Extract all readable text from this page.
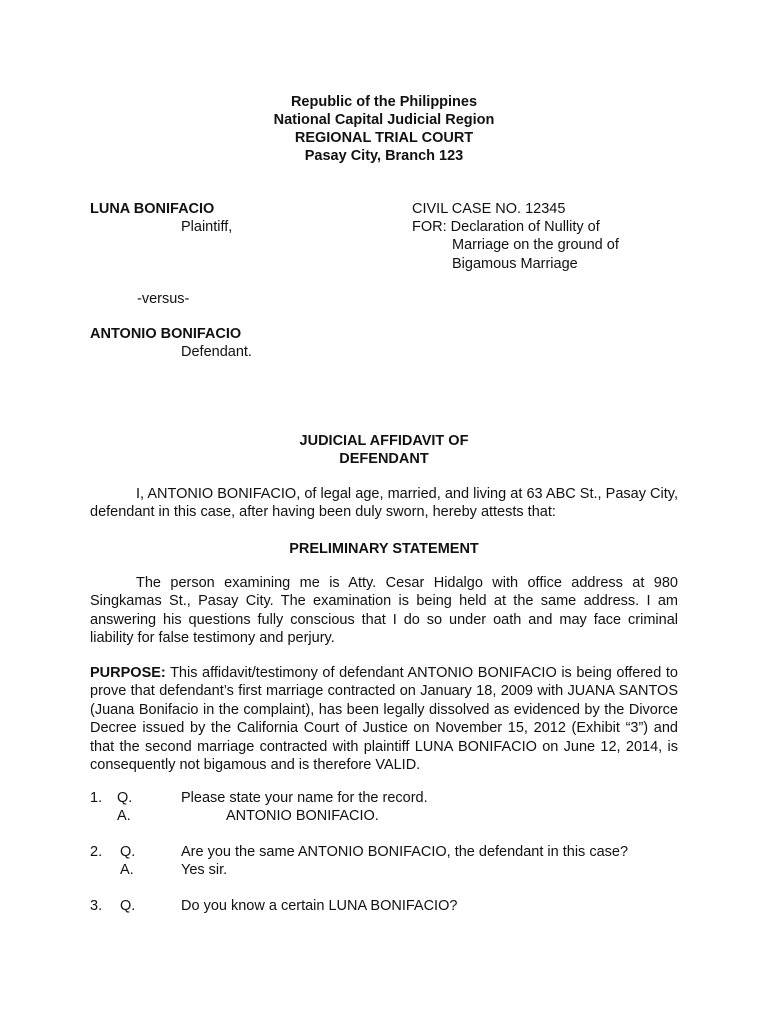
Republic of the Philippines
National Capital Judicial Region
REGIONAL TRIAL COURT
Pasay City, Branch 123
LUNA BONIFACIO
Plaintiff,
-versus-
ANTONIO BONIFACIO
Defendant.
CIVIL CASE NO. 12345
FOR: Declaration of Nullity of
Marriage on the ground of
Bigamous Marriage
JUDICIAL AFFIDAVIT OF
DEFENDANT
I, ANTONIO BONIFACIO, of legal age, married, and living at 63 ABC St., Pasay City, defendant in this case, after having been duly sworn, hereby attests that:
PRELIMINARY STATEMENT
The person examining me is Atty. Cesar Hidalgo with office address at 980 Singkamas St., Pasay City. The examination is being held at the same address. I am answering his questions fully conscious that I do so under oath and may face criminal liability for false testimony and perjury.
PURPOSE: This affidavit/testimony of defendant ANTONIO BONIFACIO is being offered to prove that defendant’s first marriage contracted on January 18, 2009 with JUANA SANTOS (Juana Bonifacio in the complaint), has been legally dissolved as evidenced by the Divorce Decree issued by the California Court of Justice on November 15, 2012 (Exhibit “3”) and that the second marriage contracted with plaintiff LUNA BONIFACIO on June 12, 2014, is consequently not bigamous and is therefore VALID.
1. Q.	Please state your name for the record.
A.	ANTONIO BONIFACIO.
2. Q.	Are you the same ANTONIO BONIFACIO, the defendant in this case?
A.	Yes sir.
3. Q.	Do you know a certain LUNA BONIFACIO?
